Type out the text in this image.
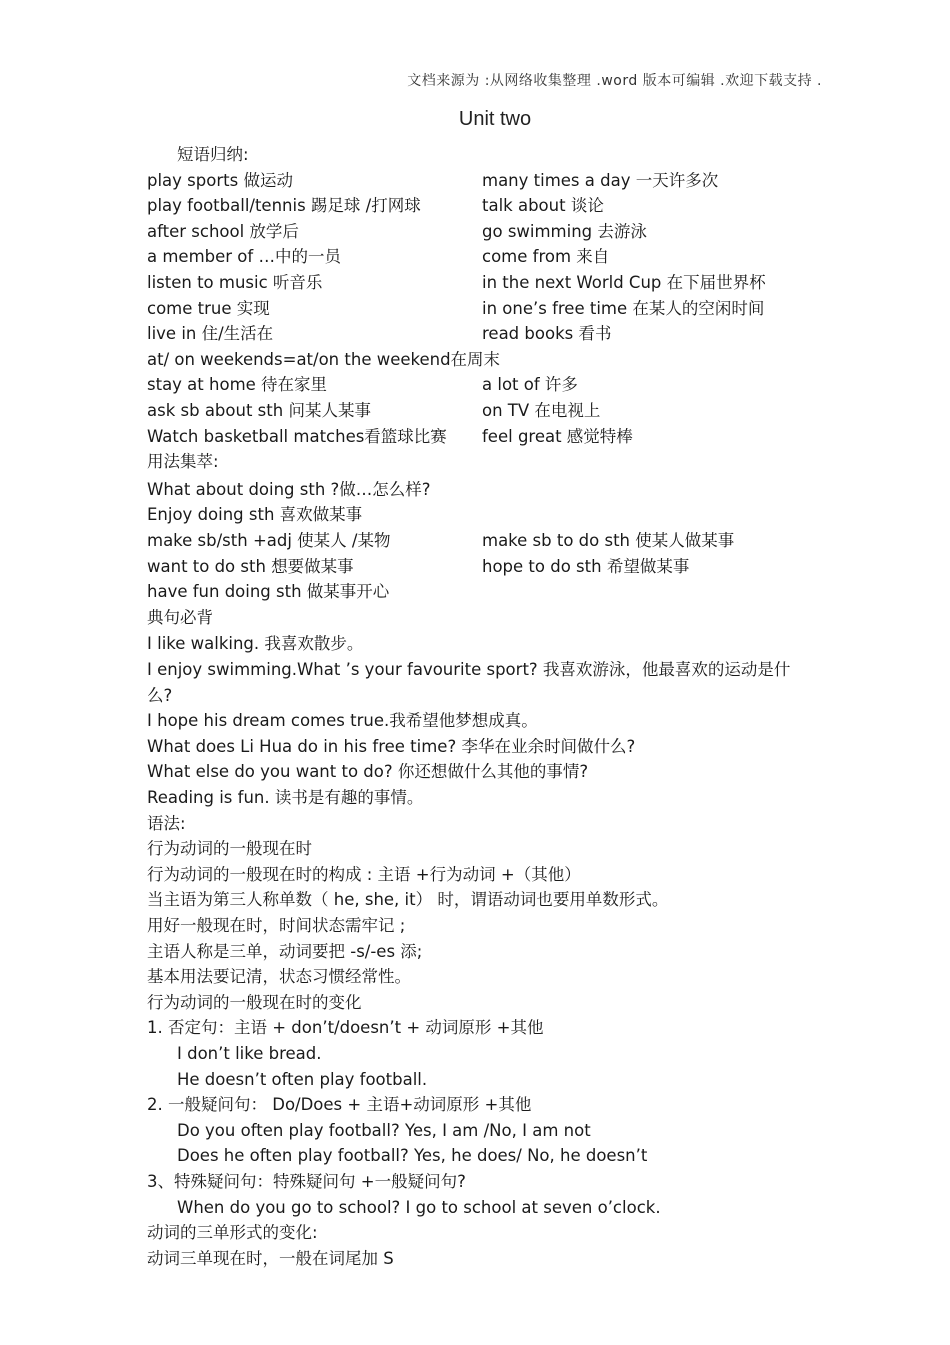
文档来源为 :从网络收集整理 .word 版本可编辑 .欢迎下载支持 .
Unit two
短语归纳:
play sports 做运动	many times a day 一天许多次
play football/tennis 踢足球 /打网球	talk about 谈论
after school 放学后	go swimming 去游泳
a member of …中的一员	come from 来自
listen to music 听音乐	in the next World Cup 在下届世界杯
come true 实现	in one’s free time 在某人的空闲时间
live in 住/生活在	read books 看书
at/ on weekends=at/on the weekend在周末
stay at home 待在家里	a lot of 许多
ask sb about sth 问某人某事	on TV 在电视上
Watch basketball matches看篮球比赛 feel great 感觉特棒
用法集萃:
What about doing sth ?做…怎么样?
Enjoy doing sth 喜欢做某事
make sb/sth +adj 使某人 /某物	make sb to do sth 使某人做某事
want to do sth 想要做某事	hope to do sth 希望做某事
have fun doing sth 做某事开心
典句必背
I like walking. 我喜欢散步。
I enjoy swimming.What ’s your favourite sport? 我喜欢游泳，他最喜欢的运动是什
么?
I hope his dream comes true.我希望他梦想成真。
What does Li Hua do in his free time? 李华在业余时间做什么?
What else do you want to do? 你还想做什么其他的事情?
Reading is fun. 读书是有趣的事情。
语法:
行为动词的一般现在时
行为动词的一般现在时的构成 : 主语 +行为动词 +（其他）
当主语为第三人称单数（ he, she, it） 时，谓语动词也要用单数形式。
用好一般现在时，时间状态需牢记 ;
主语人称是三单，动词要把 -s/-es 添;
基本用法要记清，状态习惯经常性。
行为动词的一般现在时的变化
1. 否定句：主语 + don’t/doesn’t + 动词原形 +其他
I don’t like bread.
He doesn’t often play football.
2. 一般疑问句： Do/Does + 主语+动词原形 +其他
Do you often play football? Yes, I am /No, I am not
Does he often play football? Yes, he does/ No, he doesn’t
3、特殊疑问句：特殊疑问句 +一般疑问句?
When do you go to school? I go to school at seven o’clock.
动词的三单形式的变化:
动词三单现在时，一般在词尾加 S
